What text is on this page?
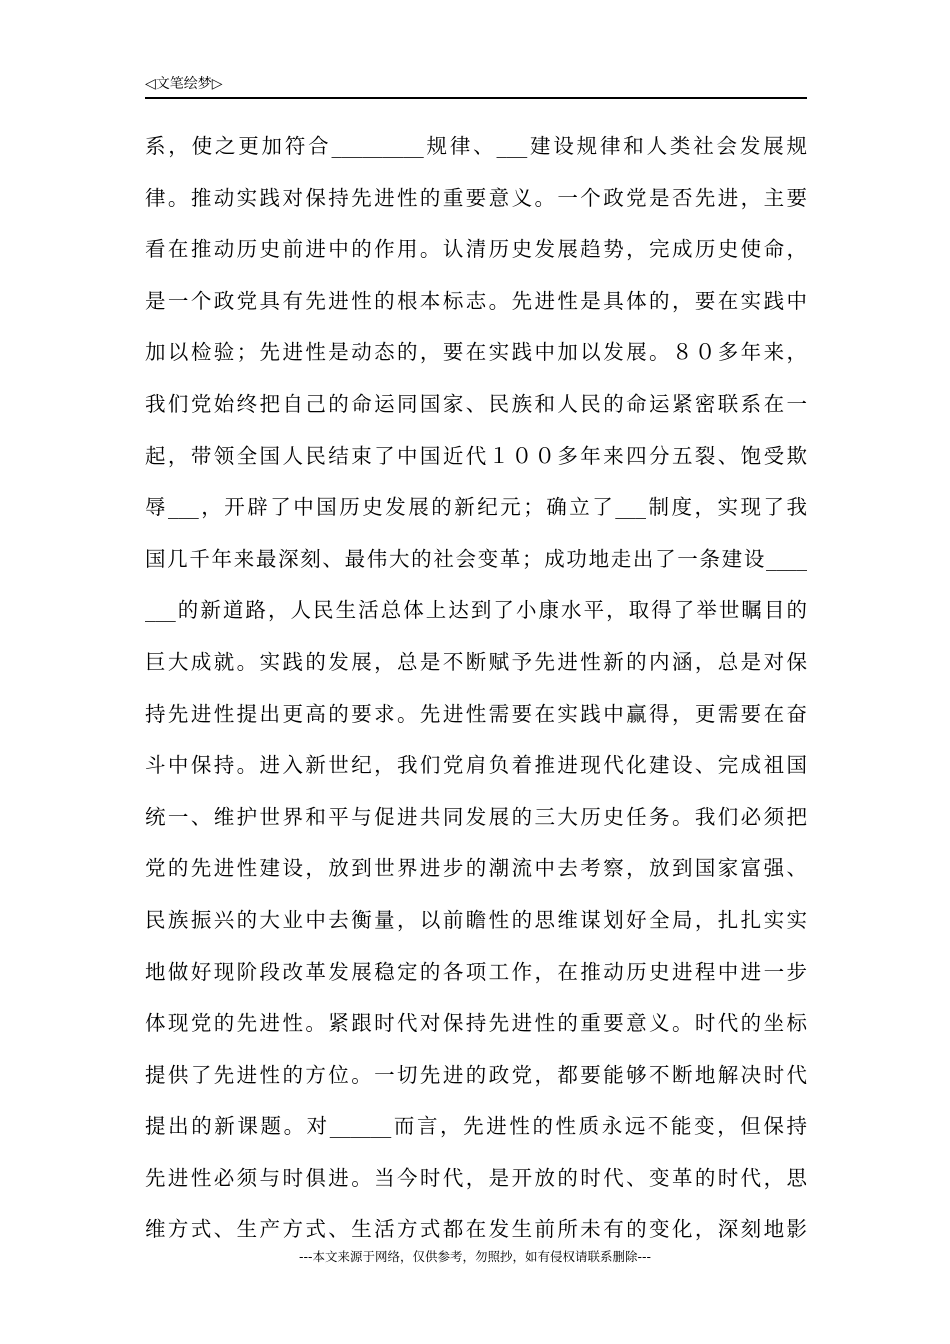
◁文笔绘梦▷
系，使之更加符合_________规律、___建设规律和人类社会发展规
律。推动实践对保持先进性的重要意义。一个政党是否先进，主要
看在推动历史前进中的作用。认清历史发展趋势，完成历史使命，
是一个政党具有先进性的根本标志。先进性是具体的，要在实践中
加以检验；先进性是动态的，要在实践中加以发展。８０多年来，
我们党始终把自己的命运同国家、民族和人民的命运紧密联系在一
起，带领全国人民结束了中国近代１００多年来四分五裂、饱受欺
辱___，开辟了中国历史发展的新纪元；确立了___制度，实现了我
国几千年来最深刻、最伟大的社会变革；成功地走出了一条建设____
___的新道路，人民生活总体上达到了小康水平，取得了举世瞩目的
巨大成就。实践的发展，总是不断赋予先进性新的内涵，总是对保
持先进性提出更高的要求。先进性需要在实践中赢得，更需要在奋
斗中保持。进入新世纪，我们党肩负着推进现代化建设、完成祖国
统一、维护世界和平与促进共同发展的三大历史任务。我们必须把
党的先进性建设，放到世界进步的潮流中去考察，放到国家富强、
民族振兴的大业中去衡量，以前瞻性的思维谋划好全局，扎扎实实
地做好现阶段改革发展稳定的各项工作，在推动历史进程中进一步
体现党的先进性。紧跟时代对保持先进性的重要意义。时代的坐标
提供了先进性的方位。一切先进的政党，都要能够不断地解决时代
提出的新课题。对______而言，先进性的性质永远不能变，但保持
先进性必须与时俱进。当今时代，是开放的时代、变革的时代，思
维方式、生产方式、生活方式都在发生前所未有的变化，深刻地影
---本文来源于网络，仅供参考，勿照抄，如有侵权请联系删除---
